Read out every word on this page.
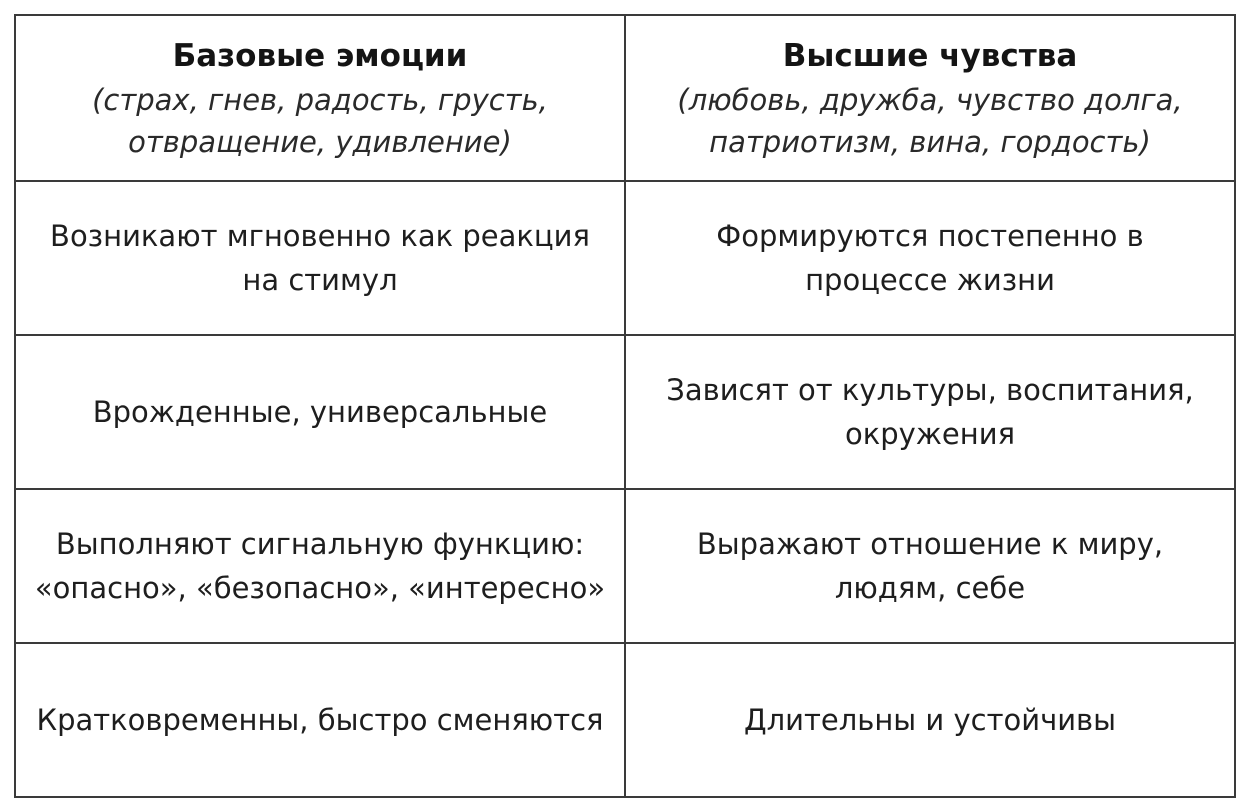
Базовые эмоции
(страх, гнев, радость, грусть,
отвращение, удивление)	Высшие чувства
(любовь, дружба, чувство долга,
патриотизм, вина, гордость)

Возникают мгновенно как реакция
на стимул	Формируются постепенно в
процессе жизни

Врожденные, универсальные	Зависят от культуры, воспитания,
окружения

Выполняют сигнальную функцию:
«опасно», «безопасно», «интересно»	Выражают отношение к миру,
людям, себе

Кратковременны, быстро сменяются	Длительны и устойчивы
